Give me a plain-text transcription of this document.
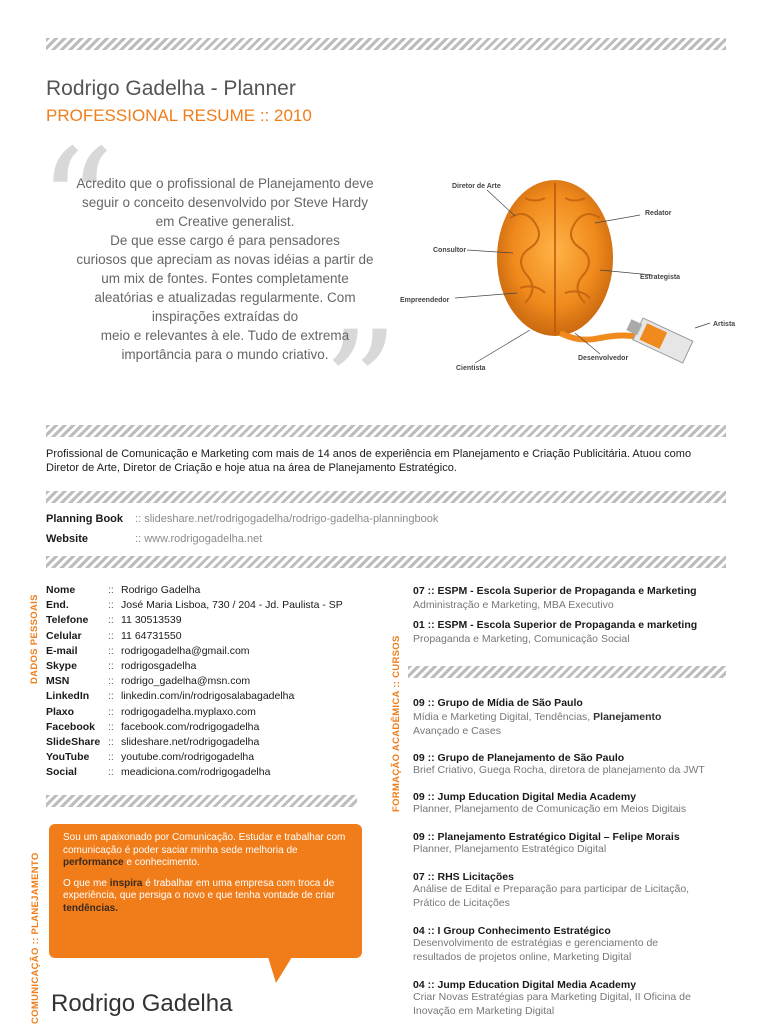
Rodrigo Gadelha - Planner
PROFESSIONAL RESUME :: 2010
“
”
Acredito que o profissional de Planejamento deve
seguir o conceito desenvolvido por Steve Hardy
em Creative generalist.
De que esse cargo é para pensadores
curiosos que apreciam as novas idéias a partir de
um mix de fontes. Fontes completamente
aleatórias e atualizadas regularmente. Com
inspirações extraídas do
meio e relevantes à ele. Tudo de extrema
importância para o mundo criativo.
Diretor de Arte
Redator
Consultor
Estrategista
Empreendedor
Artista
Desenvolvedor
Cientista
Profissional de Comunicação e Marketing com mais de 14 anos de experiência em Planejamento e Criação Publicitária. Atuou como Diretor de Arte, Diretor de Criação e hoje atua na área de Planejamento Estratégico.
Planning Book :: slideshare.net/rodrigogadelha/rodrigo-gadelha-planningbook
Website	:: www.rodrigogadelha.net
DADOS PESSOAIS	FORMAÇÃO ACADÊMICA :: CURSOS
COMUNICAÇÃO :: PLANEJAMENTO
Nome	:: Rodrigo Gadelha
End.	:: José Maria Lisboa, 730 / 204 - Jd. Paulista - SP
Telefone :: 11 30513539
Celular	:: 11 64731550
E-mail	:: rodrigogadelha@gmail.com
Skype	:: rodrigosgadelha
MSN	:: rodrigo_gadelha@msn.com
LinkedIn :: linkedin.com/in/rodrigosalabagadelha
Plaxo	:: rodrigogadelha.myplaxo.com
Facebook :: facebook.com/rodrigogadelha
SlideShare :: slideshare.net/rodrigogadelha
YouTube :: youtube.com/rodrigogadelha
Social	:: meadiciona.com/rodrigogadelha

Sou um apaixonado por Comunicação. Estudar e trabalhar com comunicação é poder saciar minha sede melhoria de performance e conhecimento.

O que me inspira é trabalhar em uma empresa com troca de experiência, que persiga o novo e que tenha vontade de criar tendências.

Rodrigo Gadelha
07 :: ESPM - Escola Superior de Propaganda e Marketing
Administração e Marketing, MBA Executivo
01 :: ESPM - Escola Superior de Propaganda e marketing
Propaganda e Marketing, Comunicação Social
09 :: Grupo de Mídia de São Paulo
Mídia e Marketing Digital, Tendências, Planejamento
Avançado e Cases
09 :: Grupo de Planejamento de São Paulo
Brief Criativo, Guega Rocha, diretora de planejamento da JWT
09 :: Jump Education Digital Media Academy
Planner, Planejamento de Comunicação em Meios Digitais
09 :: Planejamento Estratégico Digital – Felipe Morais
Planner, Planejamento Estratégico Digital
07 :: RHS Licitações
Análise de Edital e Preparação para participar de Licitação,
Prático de Licitações
04 :: I Group Conhecimento Estratégico
Desenvolvimento de estratégias e gerenciamento de
resultados de projetos online, Marketing Digital
04 :: Jump Education Digital Media Academy
Criar Novas Estratégias para Marketing Digital, II Oficina de
Inovação em Marketing Digital
